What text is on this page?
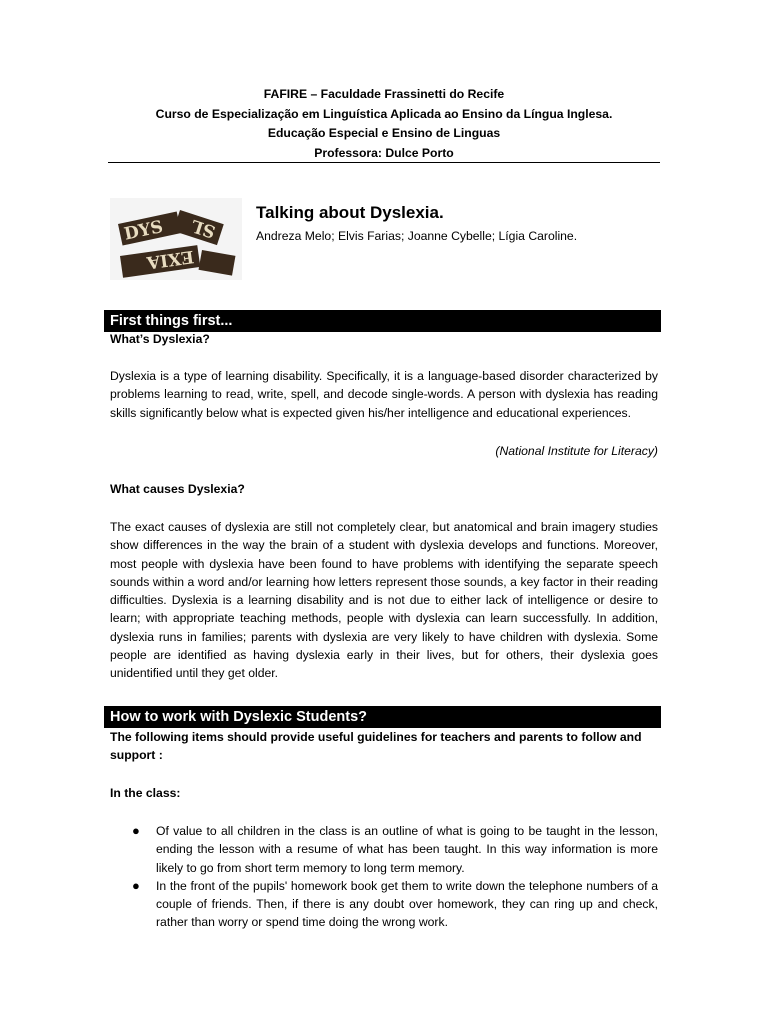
FAFIRE – Faculdade Frassinetti do Recife
Curso de Especialização em Linguística Aplicada ao Ensino da Língua Inglesa.
Educação Especial e Ensino de Linguas
Professora: Dulce Porto
DYS SL
EXIA
Talking about Dyslexia.
Andreza Melo; Elvis Farias; Joanne Cybelle; Lígia Caroline.
First things first...
What’s Dyslexia?
Dyslexia is a type of learning disability. Specifically, it is a language-based disorder characterized by problems learning to read, write, spell, and decode single-words. A person with dyslexia has reading skills significantly below what is expected given his/her intelligence and educational experiences.
(National Institute for Literacy)
What causes Dyslexia?
The exact causes of dyslexia are still not completely clear, but anatomical and brain imagery studies show differences in the way the brain of a student with dyslexia develops and functions. Moreover, most people with dyslexia have been found to have problems with identifying the separate speech sounds within a word and/or learning how letters represent those sounds, a key factor in their reading difficulties. Dyslexia is a learning disability and is not due to either lack of intelligence or desire to learn; with appropriate teaching methods, people with dyslexia can learn successfully. In addition, dyslexia runs in families; parents with dyslexia are very likely to have children with dyslexia. Some people are identified as having dyslexia early in their lives, but for others, their dyslexia goes unidentified until they get older.
How to work with Dyslexic Students?
The following items should provide useful guidelines for teachers and parents to follow and support :
In the class:
● Of value to all children in the class is an outline of what is going to be taught in the lesson, ending the lesson with a resume of what has been taught. In this way information is more likely to go from short term memory to long term memory.
● In the front of the pupils' homework book get them to write down the telephone numbers of a couple of friends. Then, if there is any doubt over homework, they can ring up and check, rather than worry or spend time doing the wrong work.
